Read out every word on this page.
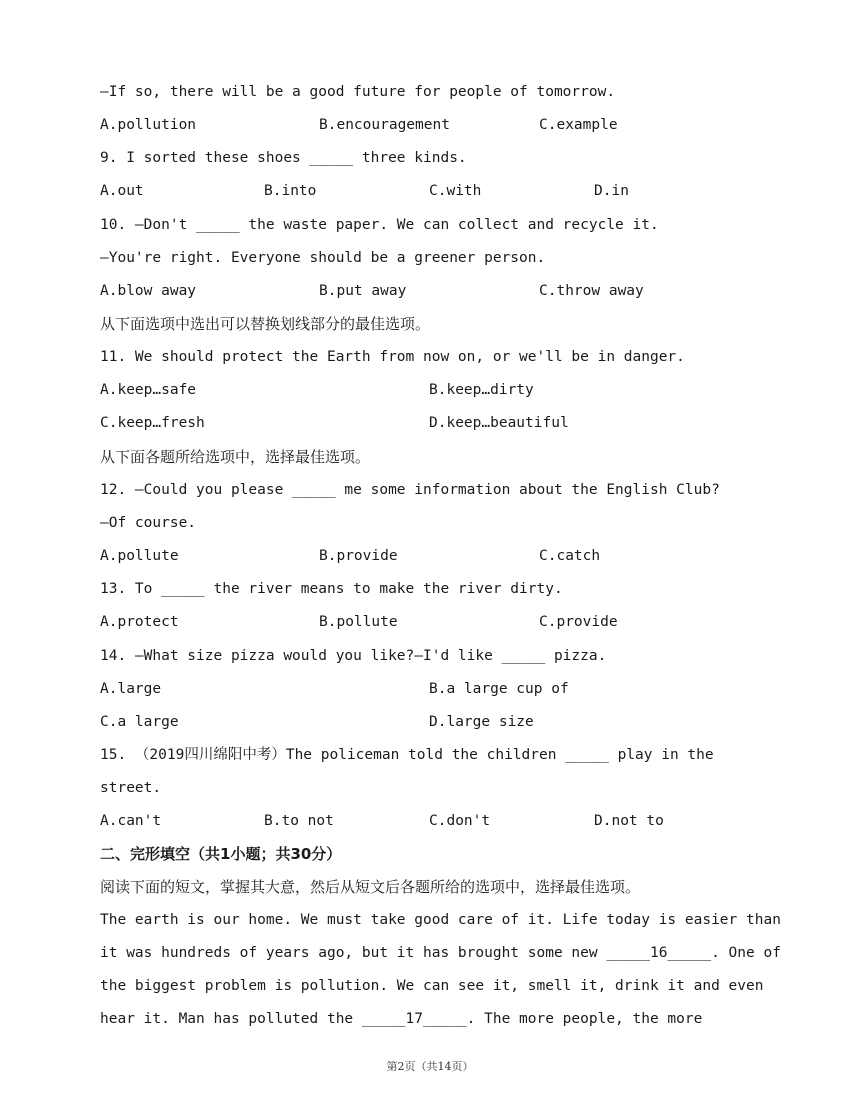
—If so, there will be a good future for people of tomorrow.
A.pollution	B.encouragement	C.example
9. I sorted these shoes _____ three kinds.
A.out	B.into	C.with	D.in
10. —Don't _____ the waste paper. We can collect and recycle it.
—You're right. Everyone should be a greener person.
A.blow away	B.put away	C.throw away
从下面选项中选出可以替换划线部分的最佳选项。
11. We should protect the Earth from now on, or we'll be in danger.
A.keep…safe	B.keep…dirty
C.keep…fresh	D.keep…beautiful
从下面各题所给选项中，选择最佳选项。
12. —Could you please _____ me some information about the English Club?
—Of course.
A.pollute	B.provide	C.catch
13. To _____ the river means to make the river dirty.
A.protect	B.pollute	C.provide
14. —What size pizza would you like?—I'd like _____ pizza.
A.large	B.a large cup of
C.a large	D.large size
15. （2019四川绵阳中考）The policeman told the children _____ play in the
street.
A.can't	B.to not	C.don't	D.not to
二、完形填空（共1小题；共30分）
阅读下面的短文，掌握其大意，然后从短文后各题所给的选项中，选择最佳选项。
The earth is our home. We must take good care of it. Life today is easier than
it was hundreds of years ago, but it has brought some new _____16_____. One of
the biggest problem is pollution. We can see it, smell it, drink it and even
hear it. Man has polluted the _____17_____. The more people, the more
第2页（共14页）
